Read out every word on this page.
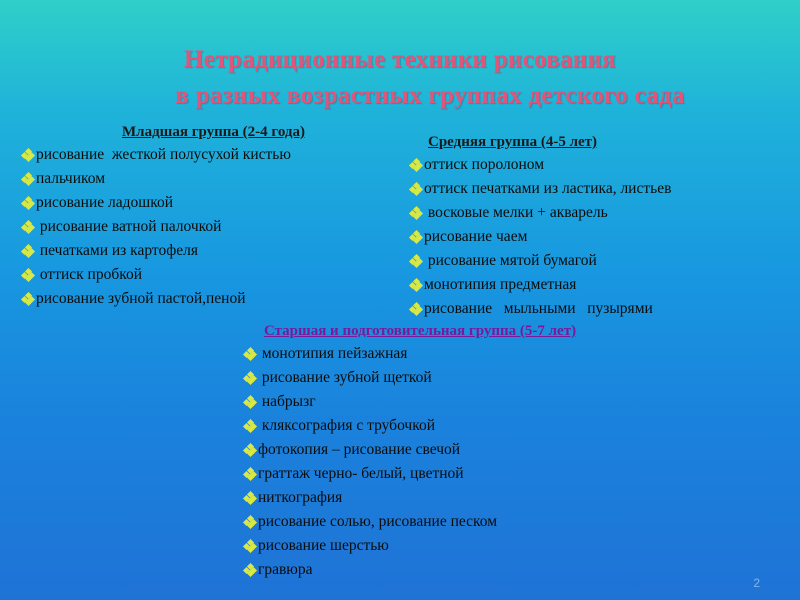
Нетрадиционные техники рисования
в разных возрастных группах детского сада
Младшая группа (2-4 года)
рисование  жесткой полусухой кистью
пальчиком
рисование ладошкой
рисование ватной палочкой
печатками из картофеля
оттиск пробкой
рисование зубной пастой,пеной
Средняя группа (4-5 лет)
оттиск поролоном
оттиск печатками из ластика, листьев
восковые мелки + акварель
рисование чаем
рисование мятой бумагой
монотипия предметная
рисование   мыльными   пузырями
Старшая и подготовительная группа (5-7 лет)
монотипия пейзажная
рисование зубной щеткой
набрызг
кляксография с трубочкой
фотокопия – рисование свечой
граттаж черно- белый, цветной
ниткография
рисование солью, рисование песком
рисование шерстью
гравюра
2
